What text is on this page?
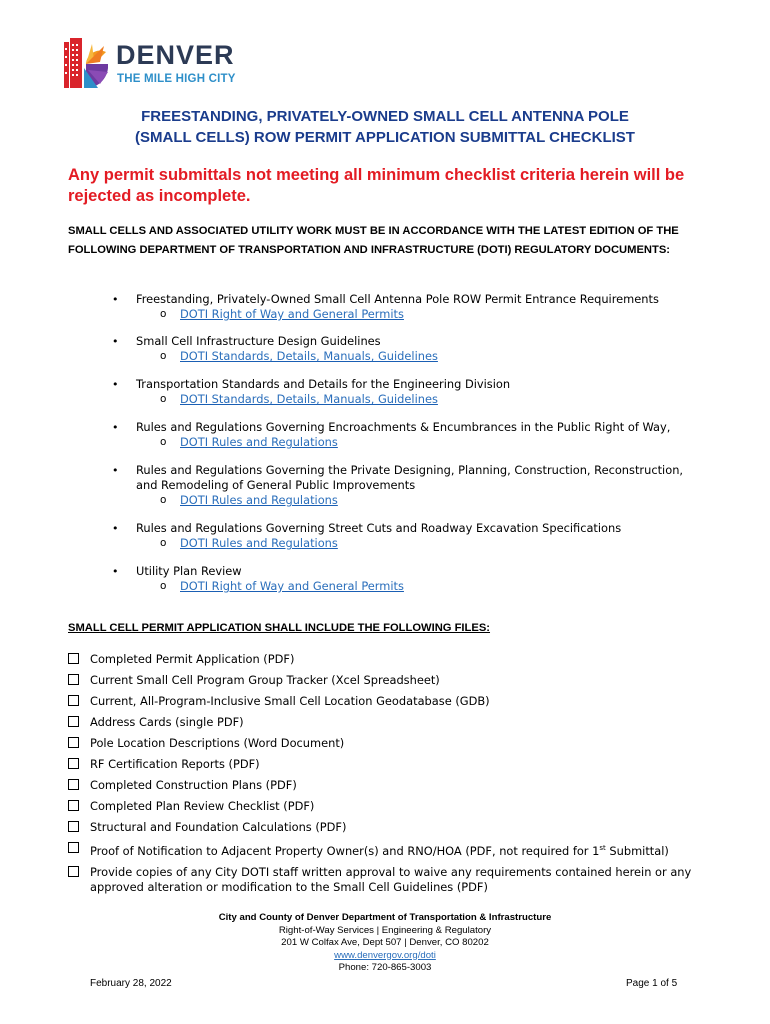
DENVER
THE MILE HIGH CITY
FREESTANDING, PRIVATELY-OWNED SMALL CELL ANTENNA POLE
(SMALL CELLS) ROW PERMIT APPLICATION SUBMITTAL CHECKLIST
Any permit submittals not meeting all minimum checklist criteria herein will be rejected as incomplete.
SMALL CELLS AND ASSOCIATED UTILITY WORK MUST BE IN ACCORDANCE WITH THE LATEST EDITION OF THE FOLLOWING DEPARTMENT OF TRANSPORTATION AND INFRASTRUCTURE (DOTI) REGULATORY DOCUMENTS:
• Freestanding, Privately-Owned Small Cell Antenna Pole ROW Permit Entrance Requirements
o DOTI Right of Way and General Permits
• Small Cell Infrastructure Design Guidelines
o DOTI Standards, Details, Manuals, Guidelines
• Transportation Standards and Details for the Engineering Division
o DOTI Standards, Details, Manuals, Guidelines
• Rules and Regulations Governing Encroachments & Encumbrances in the Public Right of Way,
o DOTI Rules and Regulations
• Rules and Regulations Governing the Private Designing, Planning, Construction, Reconstruction, and Remodeling of General Public Improvements
o DOTI Rules and Regulations
• Rules and Regulations Governing Street Cuts and Roadway Excavation Specifications
o DOTI Rules and Regulations
• Utility Plan Review
o DOTI Right of Way and General Permits
SMALL CELL PERMIT APPLICATION SHALL INCLUDE THE FOLLOWING FILES:
Completed Permit Application (PDF)
Current Small Cell Program Group Tracker (Xcel Spreadsheet)
Current, All-Program-Inclusive Small Cell Location Geodatabase (GDB)
Address Cards (single PDF)
Pole Location Descriptions (Word Document)
RF Certification Reports (PDF)
Completed Construction Plans (PDF)
Completed Plan Review Checklist (PDF)
Structural and Foundation Calculations (PDF)
Proof of Notification to Adjacent Property Owner(s) and RNO/HOA (PDF, not required for 1st Submittal)
Provide copies of any City DOTI staff written approval to waive any requirements contained herein or any approved alteration or modification to the Small Cell Guidelines (PDF)
City and County of Denver Department of Transportation & Infrastructure
Right-of-Way Services | Engineering & Regulatory
201 W Colfax Ave, Dept 507 | Denver, CO 80202
www.denvergov.org/doti
Phone: 720-865-3003
February 28, 2022	Page 1 of 5
